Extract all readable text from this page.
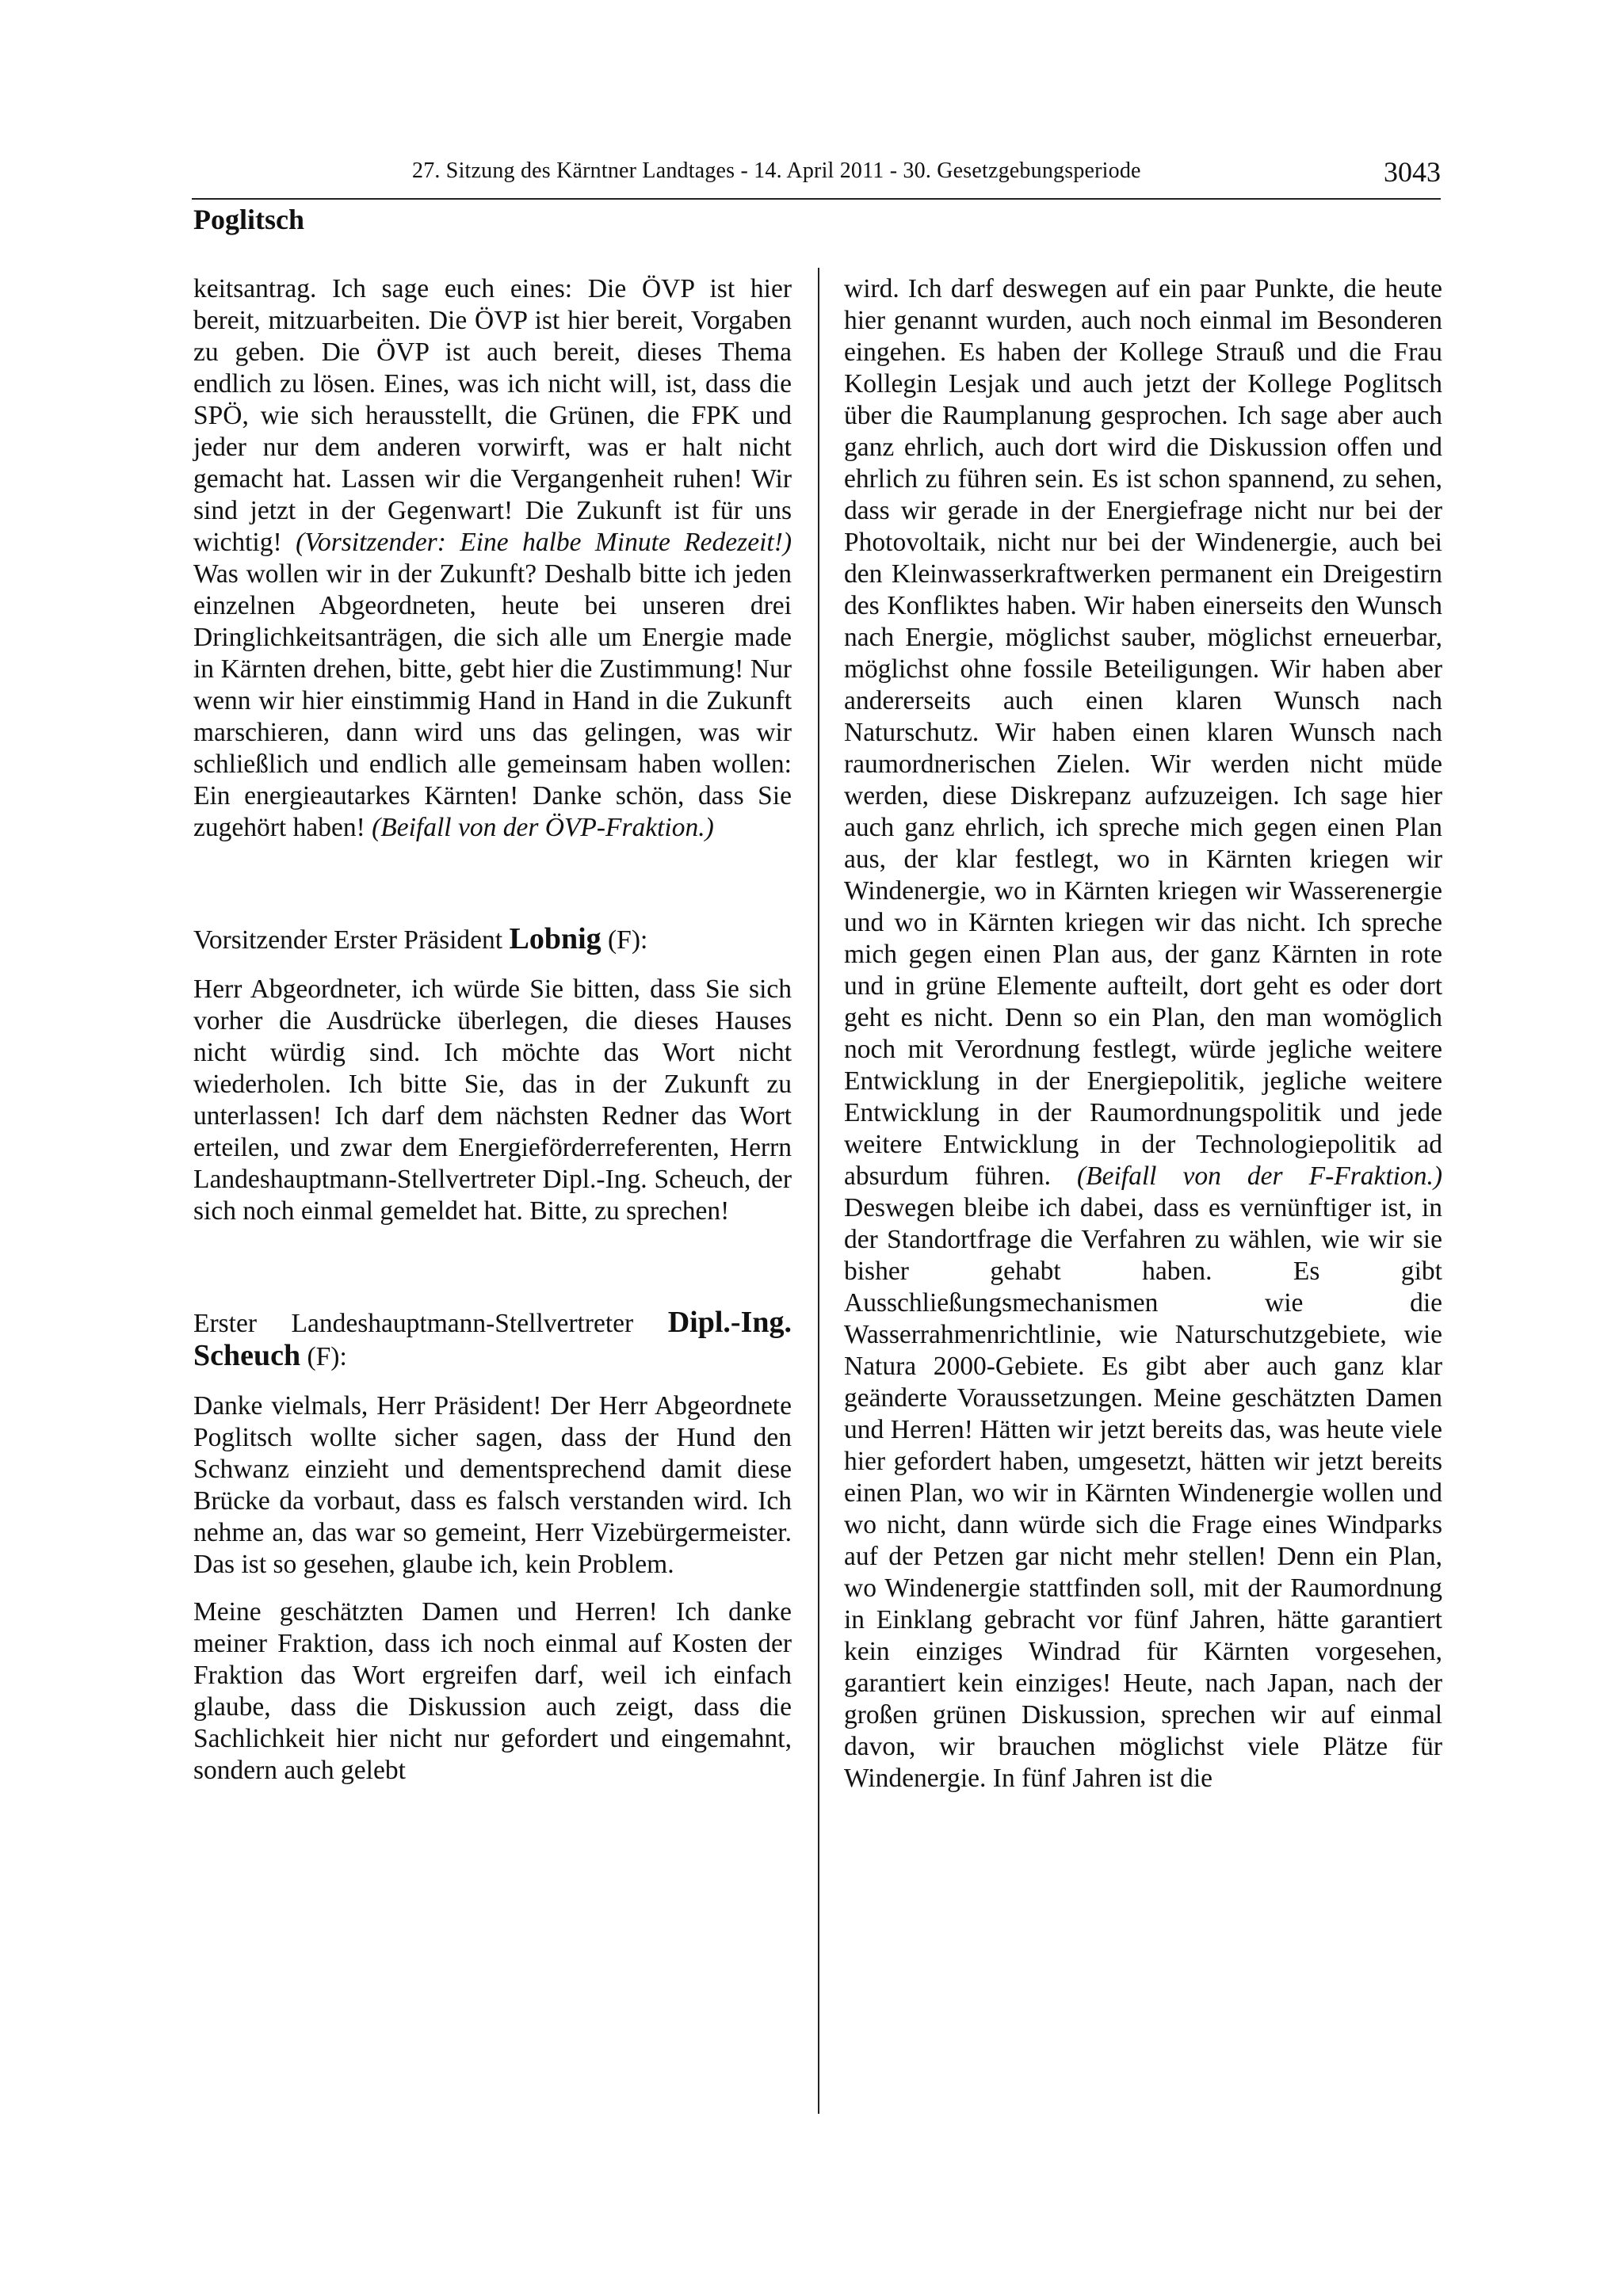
27. Sitzung des Kärntner Landtages - 14. April 2011 - 30. Gesetzgebungsperiode	3043
Poglitsch

keitsantrag. Ich sage euch eines: Die ÖVP ist hier bereit, mitzuarbeiten. Die ÖVP ist hier bereit, Vorgaben zu geben. Die ÖVP ist auch bereit, dieses Thema endlich zu lösen. Eines, was ich nicht will, ist, dass die SPÖ, wie sich herausstellt, die Grünen, die FPK und jeder nur dem anderen vorwirft, was er halt nicht gemacht hat. Lassen wir die Vergangenheit ruhen! Wir sind jetzt in der Gegenwart! Die Zukunft ist für uns wichtig! (Vorsitzender: Eine halbe Minute Redezeit!) Was wollen wir in der Zukunft? Deshalb bitte ich jeden einzelnen Abgeordneten, heute bei unseren drei Dringlichkeitsanträgen, die sich alle um Energie made in Kärnten drehen, bitte, gebt hier die Zustimmung! Nur wenn wir hier einstimmig Hand in Hand in die Zukunft marschieren, dann wird uns das gelingen, was wir schließlich und endlich alle gemeinsam haben wollen: Ein energieautarkes Kärnten! Danke schön, dass Sie zugehört haben! (Beifall von der ÖVP-Fraktion.)

Vorsitzender Erster Präsident Lobnig (F):

Herr Abgeordneter, ich würde Sie bitten, dass Sie sich vorher die Ausdrücke überlegen, die dieses Hauses nicht würdig sind. Ich möchte das Wort nicht wiederholen. Ich bitte Sie, das in der Zukunft zu unterlassen! Ich darf dem nächsten Redner das Wort erteilen, und zwar dem Energieförderreferenten, Herrn Landeshauptmann-Stellvertreter Dipl.-Ing. Scheuch, der sich noch einmal gemeldet hat. Bitte, zu sprechen!

Erster Landeshauptmann-Stellvertreter Dipl.-Ing. Scheuch (F):

Danke vielmals, Herr Präsident! Der Herr Abgeordnete Poglitsch wollte sicher sagen, dass der Hund den Schwanz einzieht und dementsprechend damit diese Brücke da vorbaut, dass es falsch verstanden wird. Ich nehme an, das war so gemeint, Herr Vizebürgermeister. Das ist so gesehen, glaube ich, kein Problem.

Meine geschätzten Damen und Herren! Ich danke meiner Fraktion, dass ich noch einmal auf Kosten der Fraktion das Wort ergreifen darf, weil ich einfach glaube, dass die Diskussion auch zeigt, dass die Sachlichkeit hier nicht nur gefordert und eingemahnt, sondern auch gelebt

wird. Ich darf deswegen auf ein paar Punkte, die heute hier genannt wurden, auch noch einmal im Besonderen eingehen. Es haben der Kollege Strauß und die Frau Kollegin Lesjak und auch jetzt der Kollege Poglitsch über die Raumplanung gesprochen. Ich sage aber auch ganz ehrlich, auch dort wird die Diskussion offen und ehrlich zu führen sein. Es ist schon spannend, zu sehen, dass wir gerade in der Energiefrage nicht nur bei der Photovoltaik, nicht nur bei der Windenergie, auch bei den Kleinwasserkraftwerken permanent ein Dreigestirn des Konfliktes haben. Wir haben einerseits den Wunsch nach Energie, möglichst sauber, möglichst erneuerbar, möglichst ohne fossile Beteiligungen. Wir haben aber andererseits auch einen klaren Wunsch nach Naturschutz. Wir haben einen klaren Wunsch nach raumordnerischen Zielen. Wir werden nicht müde werden, diese Diskrepanz aufzuzeigen. Ich sage hier auch ganz ehrlich, ich spreche mich gegen einen Plan aus, der klar festlegt, wo in Kärnten kriegen wir Windenergie, wo in Kärnten kriegen wir Wasserenergie und wo in Kärnten kriegen wir das nicht. Ich spreche mich gegen einen Plan aus, der ganz Kärnten in rote und in grüne Elemente aufteilt, dort geht es oder dort geht es nicht. Denn so ein Plan, den man womöglich noch mit Verordnung festlegt, würde jegliche weitere Entwicklung in der Energiepolitik, jegliche weitere Entwicklung in der Raumordnungspolitik und jede weitere Entwicklung in der Technologiepolitik ad absurdum führen. (Beifall von der F-Fraktion.) Deswegen bleibe ich dabei, dass es vernünftiger ist, in der Standortfrage die Verfahren zu wählen, wie wir sie bisher gehabt haben. Es gibt Ausschließungsmechanismen wie die Wasserrahmenrichtlinie, wie Naturschutzgebiete, wie Natura 2000-Gebiete. Es gibt aber auch ganz klar geänderte Voraussetzungen. Meine geschätzten Damen und Herren! Hätten wir jetzt bereits das, was heute viele hier gefordert haben, umgesetzt, hätten wir jetzt bereits einen Plan, wo wir in Kärnten Windenergie wollen und wo nicht, dann würde sich die Frage eines Windparks auf der Petzen gar nicht mehr stellen! Denn ein Plan, wo Windenergie stattfinden soll, mit der Raumordnung in Einklang gebracht vor fünf Jahren, hätte garantiert kein einziges Windrad für Kärnten vorgesehen, garantiert kein einziges! Heute, nach Japan, nach der großen grünen Diskussion, sprechen wir auf einmal davon, wir brauchen möglichst viele Plätze für Windenergie. In fünf Jahren ist die
